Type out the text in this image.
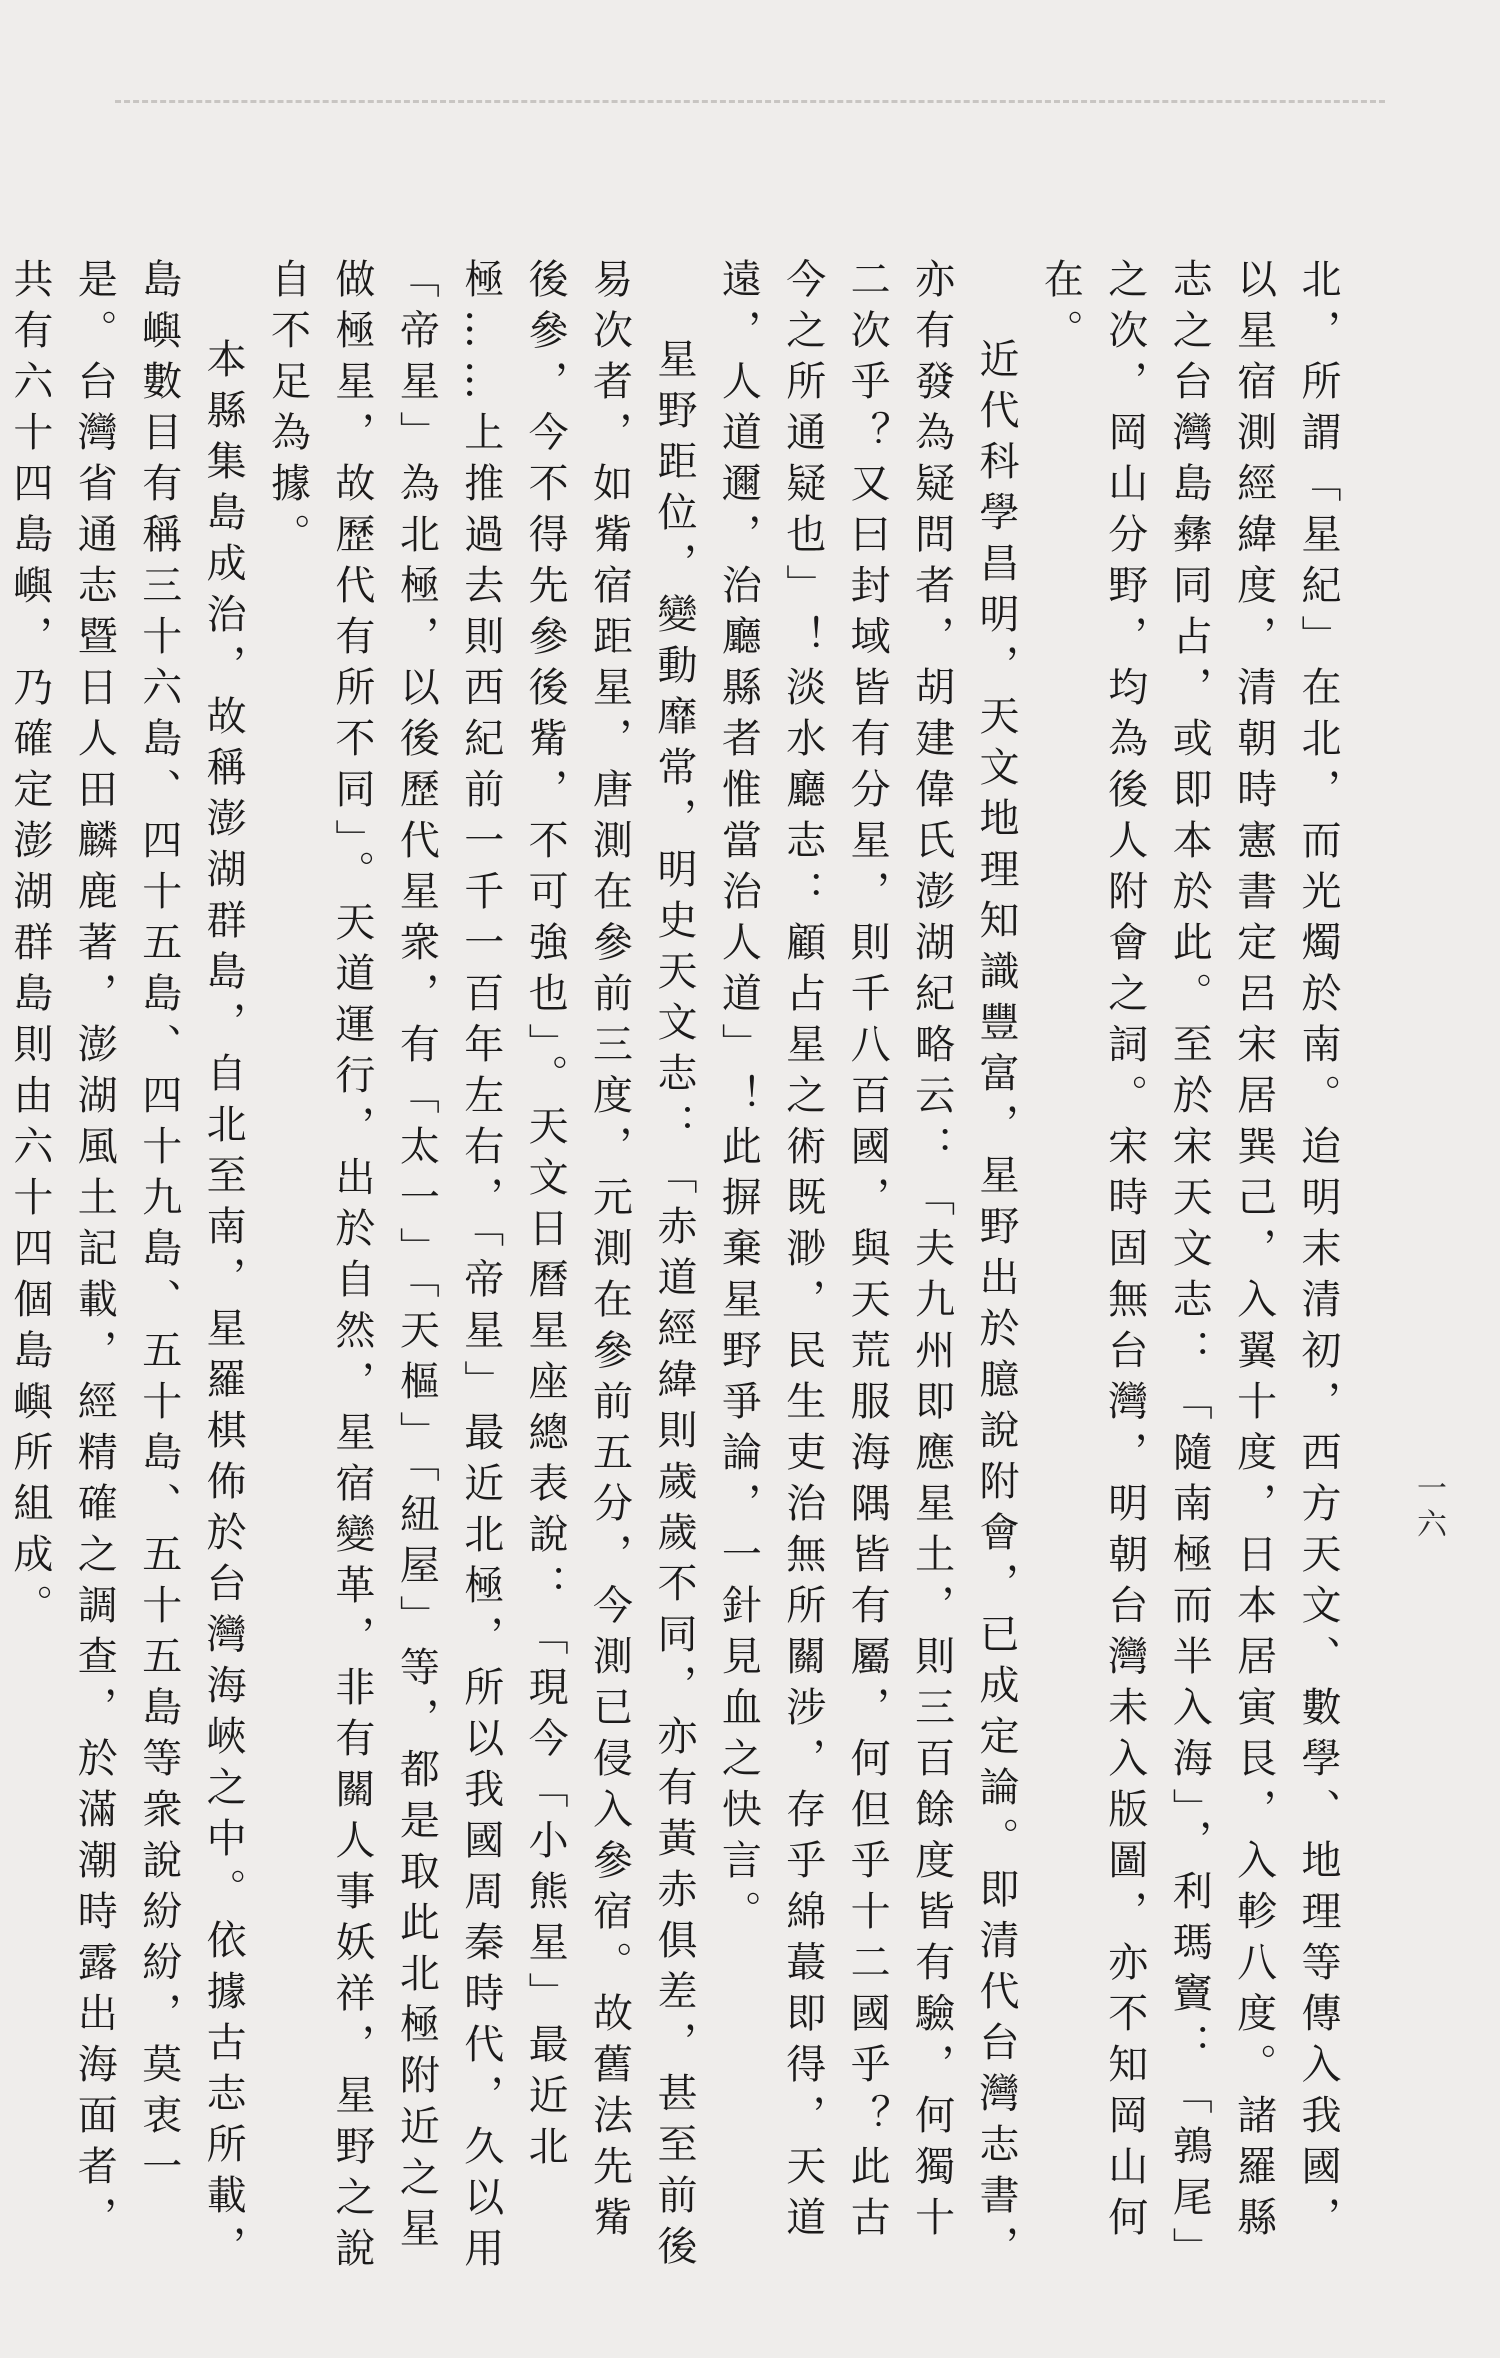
一六

北，所謂「星紀」在北，而光燭於南。迨明末清初，西方天文、數學、地理等傳入我國，以星宿測經緯度，清朝時憲書定呂宋居巽己，入翼十度，日本居寅艮，入軫八度。諸羅縣志之台灣島彝同占，或即本於此。至於宋天文志：「隨南極而半入海」，利瑪竇：「鶉尾」之次，岡山分野，均為後人附會之詞。宋時固無台灣，明朝台灣未入版圖，亦不知岡山何在。

近代科學昌明，天文地理知識豐富，星野出於臆說附會，已成定論。即清代台灣志書，亦有發為疑問者，胡建偉氏澎湖紀略云：「夫九州即應星土，則三百餘度皆有驗，何獨十二次乎？又曰封域皆有分星，則千八百國，與天荒服海隅皆有屬，何但乎十二國乎？此古今之所通疑也」！淡水廳志：顧占星之術既渺，民生吏治無所關涉，存乎綿蕞即得，天道遠，人道邇，治廳縣者惟當治人道」！此摒棄星野爭論，一針見血之快言。

星野距位，變動靡常，明史天文志：「赤道經緯則歲歲不同，亦有黃赤俱差，甚至前後易次者，如觜宿距星，唐測在參前三度，元測在參前五分，今測已侵入參宿。故舊法先觜後參，今不得先參後觜，不可強也」。天文日曆星座總表說：「現今「小熊星」最近北極……上推過去則西紀前一千一百年左右，「帝星」最近北極，所以我國周秦時代，久以用「帝星」為北極，以後歷代星衆，有「太一」「天樞」「紐屋」等，都是取此北極附近之星做極星，故歷代有所不同」。天道運行，出於自然，星宿變革，非有關人事妖祥，星野之說自不足為據。

本縣集島成治，故稱澎湖群島，自北至南，星羅棋佈於台灣海峽之中。依據古志所載，島嶼數目有稱三十六島、四十五島、四十九島、五十島、五十五島等衆說紛紛，莫衷一是。台灣省通志暨日人田麟鹿著，澎湖風土記載，經精確之調查，於滿潮時露出海面者，共有六十四島嶼，乃確定澎湖群島則由六十四個島嶼所組成。
